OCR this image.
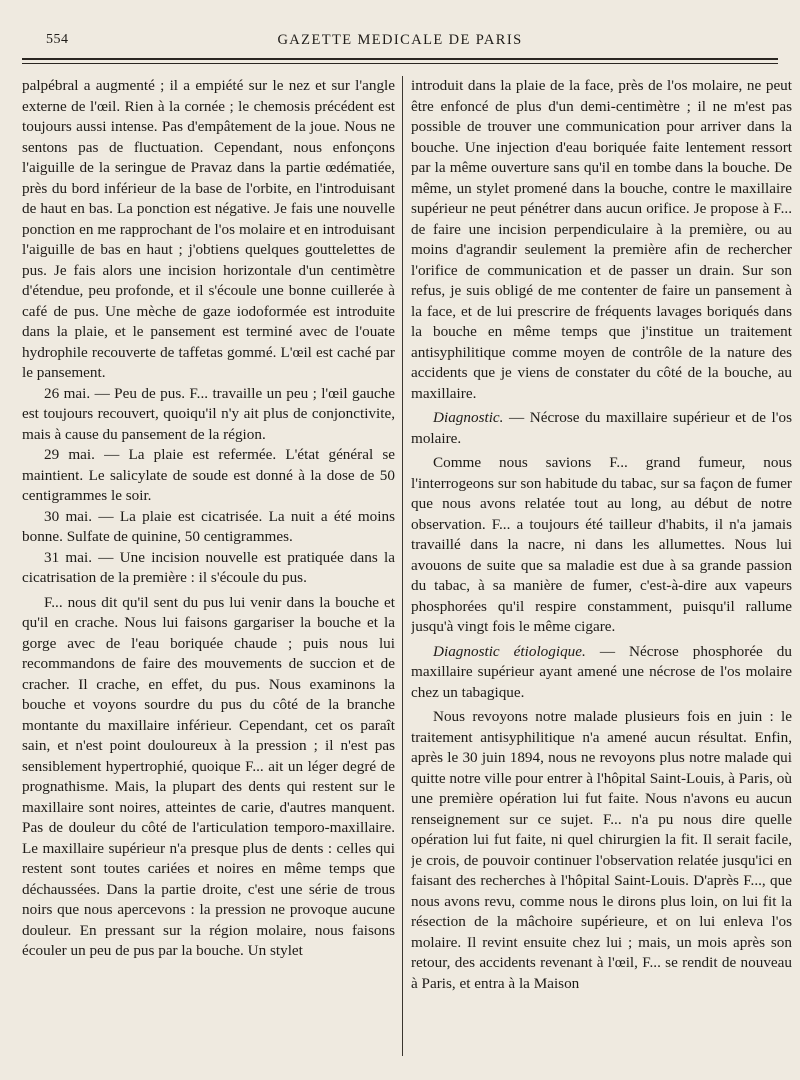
554	GAZETTE MEDICALE DE PARIS

palpébral a augmenté ; il a empiété sur le nez et sur l'angle externe de l'œil. Rien à la cornée ; le chemosis précédent est toujours aussi intense. Pas d'empâtement de la joue. Nous ne sentons pas de fluctuation. Cependant, nous enfonçons l'aiguille de la seringue de Pravaz dans la partie œdématiée, près du bord inférieur de la base de l'orbite, en l'introduisant de haut en bas. La ponction est négative. Je fais une nouvelle ponction en me rapprochant de l'os molaire et en introduisant l'aiguille de bas en haut ; j'obtiens quelques gouttelettes de pus. Je fais alors une incision horizontale d'un centimètre d'étendue, peu profonde, et il s'écoule une bonne cuillerée à café de pus. Une mèche de gaze iodoformée est introduite dans la plaie, et le pansement est terminé avec de l'ouate hydrophile recouverte de taffetas gommé. L'œil est caché par le pansement.

26 mai. — Peu de pus. F... travaille un peu ; l'œil gauche est toujours recouvert, quoiqu'il n'y ait plus de conjonctivite, mais à cause du pansement de la région.

29 mai. — La plaie est refermée. L'état général se maintient. Le salicylate de soude est donné à la dose de 50 centigrammes le soir.

30 mai. — La plaie est cicatrisée. La nuit a été moins bonne. Sulfate de quinine, 50 centigrammes.

31 mai. — Une incision nouvelle est pratiquée dans la cicatrisation de la première : il s'écoule du pus.

F... nous dit qu'il sent du pus lui venir dans la bouche et qu'il en crache. Nous lui faisons gargariser la bouche et la gorge avec de l'eau boriquée chaude ; puis nous lui recommandons de faire des mouvements de succion et de cracher. Il crache, en effet, du pus. Nous examinons la bouche et voyons sourdre du pus du côté de la branche montante du maxillaire inférieur. Cependant, cet os paraît sain, et n'est point douloureux à la pression ; il n'est pas sensiblement hypertrophié, quoique F... ait un léger degré de prognathisme. Mais, la plupart des dents qui restent sur le maxillaire sont noires, atteintes de carie, d'autres manquent. Pas de douleur du côté de l'articulation temporo-maxillaire. Le maxillaire supérieur n'a presque plus de dents : celles qui restent sont toutes cariées et noires en même temps que déchaussées. Dans la partie droite, c'est une série de trous noirs que nous apercevons : la pression ne provoque aucune douleur. En pressant sur la région molaire, nous faisons écouler un peu de pus par la bouche. Un stylet

introduit dans la plaie de la face, près de l'os molaire, ne peut être enfoncé de plus d'un demi-centimètre ; il ne m'est pas possible de trouver une communication pour arriver dans la bouche. Une injection d'eau boriquée faite lentement ressort par la même ouverture sans qu'il en tombe dans la bouche. De même, un stylet promené dans la bouche, contre le maxillaire supérieur ne peut pénétrer dans aucun orifice. Je propose à F... de faire une incision perpendiculaire à la première, ou au moins d'agrandir seulement la première afin de rechercher l'orifice de communication et de passer un drain. Sur son refus, je suis obligé de me contenter de faire un pansement à la face, et de lui prescrire de fréquents lavages boriqués dans la bouche en même temps que j'institue un traitement antisyphilitique comme moyen de contrôle de la nature des accidents que je viens de constater du côté de la bouche, au maxillaire.

Diagnostic. — Nécrose du maxillaire supérieur et de l'os molaire.

Comme nous savions F... grand fumeur, nous l'interrogeons sur son habitude du tabac, sur sa façon de fumer que nous avons relatée tout au long, au début de notre observation. F... a toujours été tailleur d'habits, il n'a jamais travaillé dans la nacre, ni dans les allumettes. Nous lui avouons de suite que sa maladie est due à sa grande passion du tabac, à sa manière de fumer, c'est-à-dire aux vapeurs phosphorées qu'il respire constamment, puisqu'il rallume jusqu'à vingt fois le même cigare.

Diagnostic étiologique. — Nécrose phosphorée du maxillaire supérieur ayant amené une nécrose de l'os molaire chez un tabagique.

Nous revoyons notre malade plusieurs fois en juin : le traitement antisyphilitique n'a amené aucun résultat. Enfin, après le 30 juin 1894, nous ne revoyons plus notre malade qui quitte notre ville pour entrer à l'hôpital Saint-Louis, à Paris, où une première opération lui fut faite. Nous n'avons eu aucun renseignement sur ce sujet. F... n'a pu nous dire quelle opération lui fut faite, ni quel chirurgien la fit. Il serait facile, je crois, de pouvoir continuer l'observation relatée jusqu'ici en faisant des recherches à l'hôpital Saint-Louis. D'après F..., que nous avons revu, comme nous le dirons plus loin, on lui fit la résection de la mâchoire supérieure, et on lui enleva l'os molaire. Il revint ensuite chez lui ; mais, un mois après son retour, des accidents revenant à l'œil, F... se rendit de nouveau à Paris, et entra à la Maison
